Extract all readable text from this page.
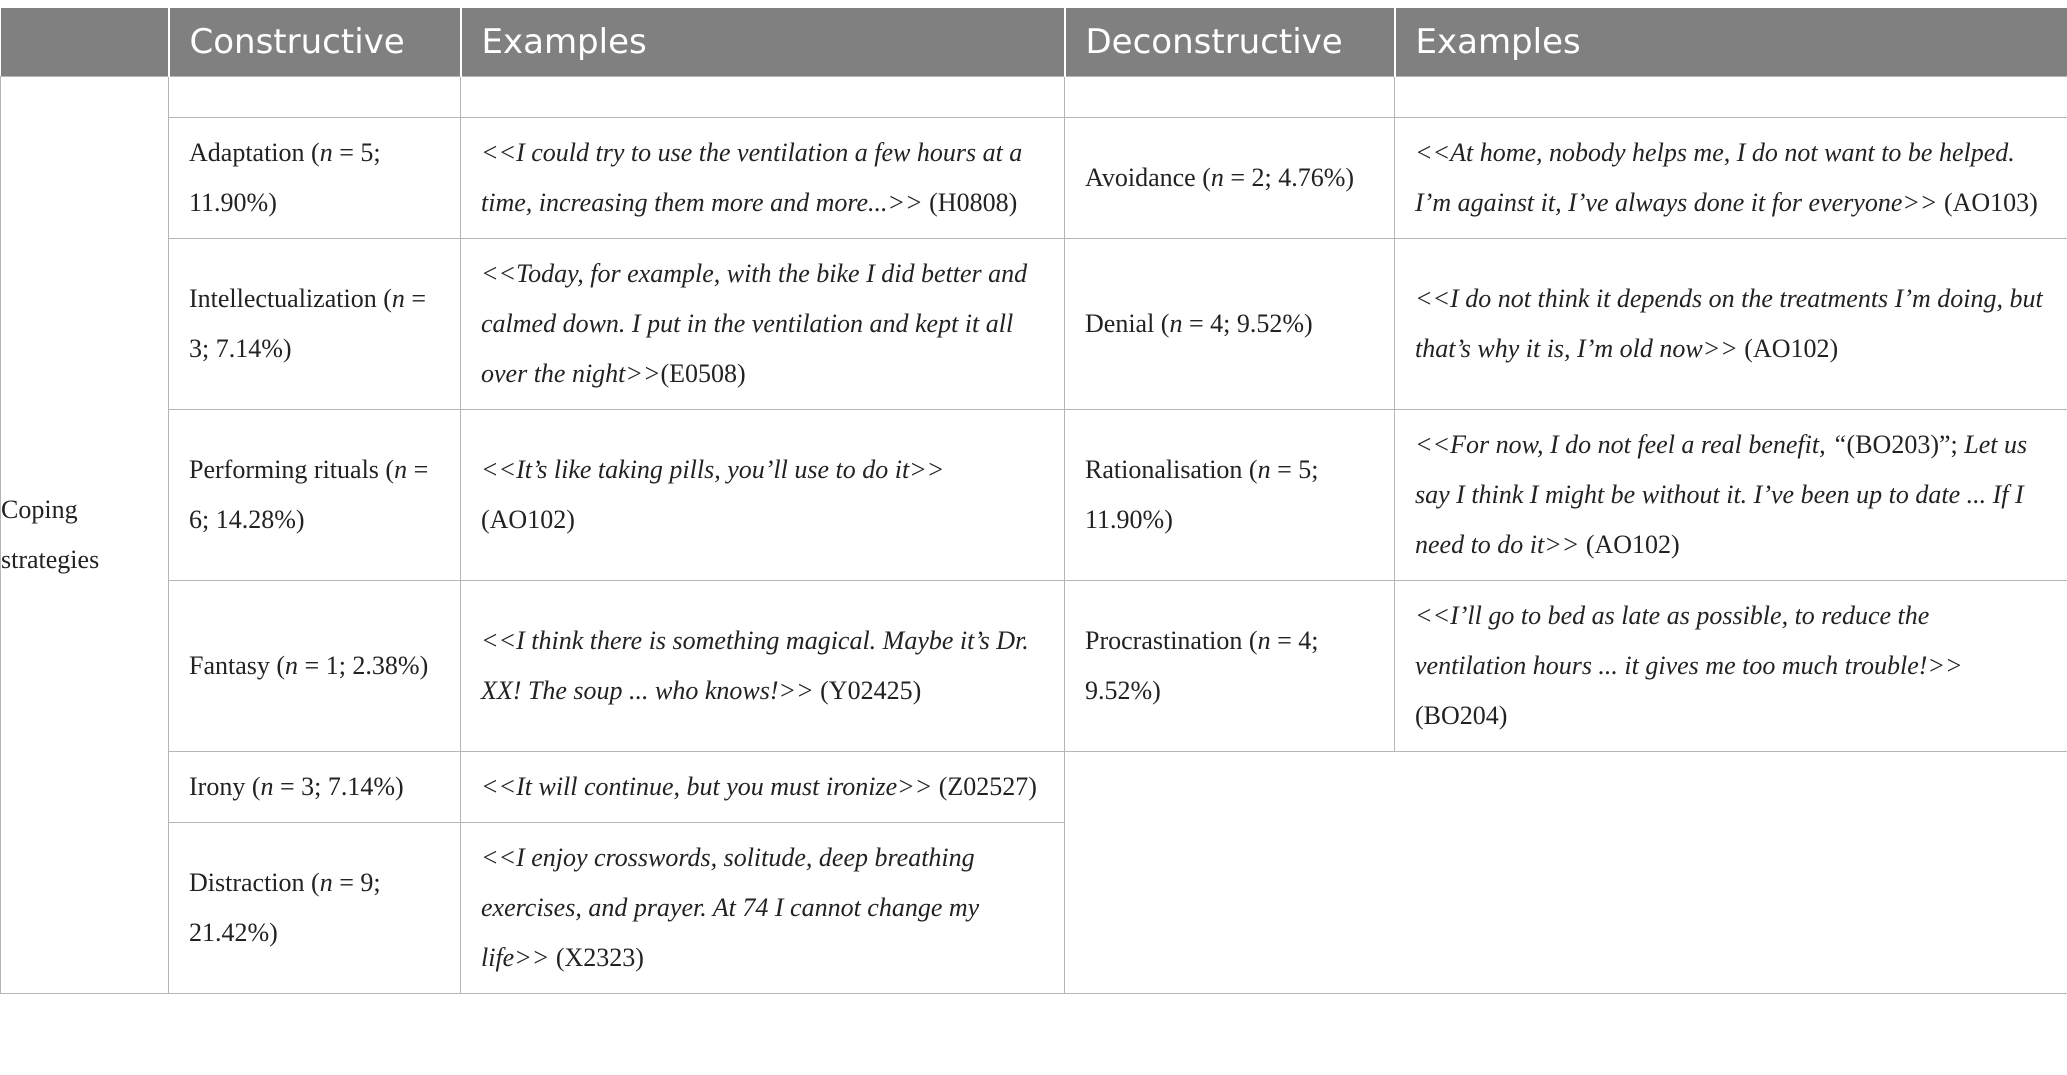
	Constructive	Examples	Deconstructive	Examples
Coping strategies				
	Adaptation (n = 5; 11.90%)	<<I could try to use the ventilation a few hours at a time, increasing them more and more...>> (H0808)	Avoidance (n = 2; 4.76%)	<<At home, nobody helps me, I do not want to be helped. I’m against it, I’ve always done it for everyone>> (AO103)
	Intellectualization (n = 3; 7.14%)	<<Today, for example, with the bike I did better and calmed down. I put in the ventilation and kept it all over the night>>(E0508)	Denial (n = 4; 9.52%)	<<I do not think it depends on the treatments I’m doing, but that’s why it is, I’m old now>> (AO102)
	Performing rituals (n = 6; 14.28%)	<<It’s like taking pills, you’ll use to do it>> (AO102)	Rationalisation (n = 5; 11.90%)	<<For now, I do not feel a real benefit, “(BO203)”; Let us say I think I might be without it. I’ve been up to date ... If I need to do it>> (AO102)
	Fantasy (n = 1; 2.38%)	<<I think there is something magical. Maybe it’s Dr. XX! The soup ... who knows!>> (Y02425)	Procrastination (n = 4; 9.52%)	<<I’ll go to bed as late as possible, to reduce the ventilation hours ... it gives me too much trouble!>> (BO204)
	Irony (n = 3; 7.14%)	<<It will continue, but you must ironize>> (Z02527)		
	Distraction (n = 9; 21.42%)	<<I enjoy crosswords, solitude, deep breathing exercises, and prayer. At 74 I cannot change my life>> (X2323)		
